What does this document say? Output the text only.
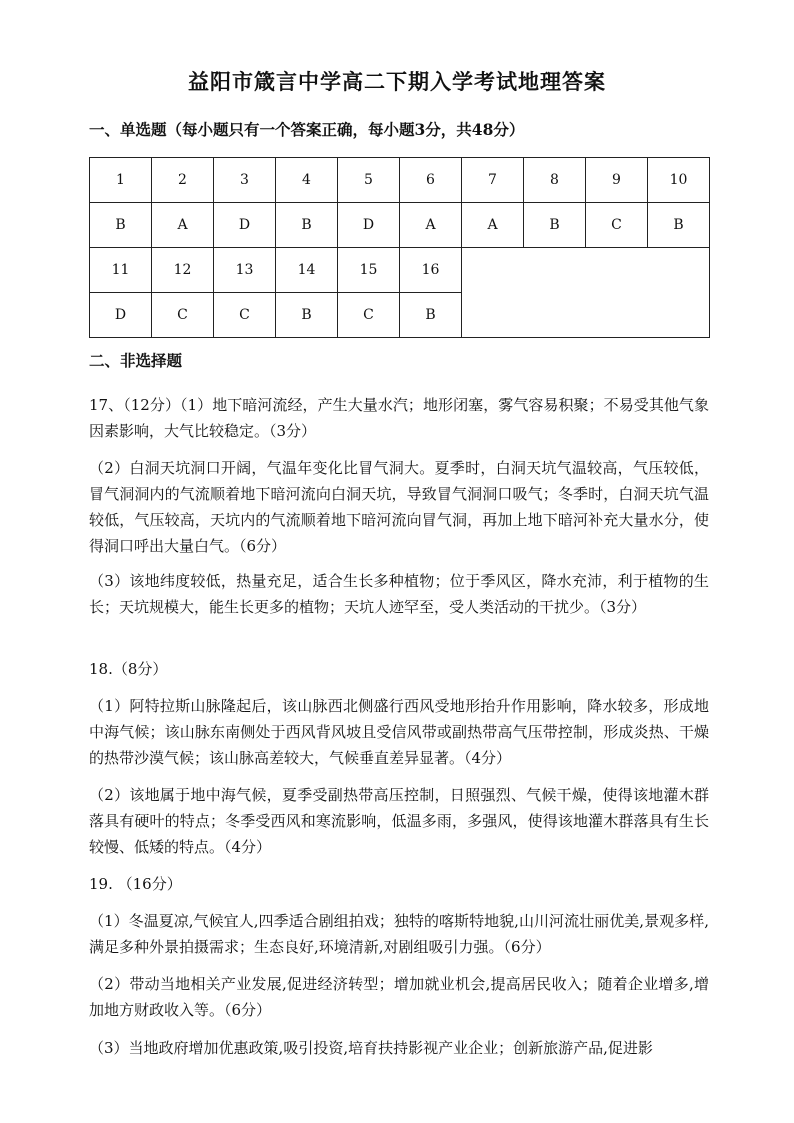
益阳市箴言中学高二下期入学考试地理答案
一、单选题（每小题只有一个答案正确，每小题3分，共48分）
1	2	3	4	5	6	7	8	9	10
B	A	D	B	D	A	A	B	C	B
11	12	13	14	15	16				
D	C	C	B	C	B				
二、非选择题
17、（12分）（1）地下暗河流经，产生大量水汽；地形闭塞，雾气容易积聚；不易受其他气象因素影响，大气比较稳定。（3分）
（2）白洞天坑洞口开阔，气温年变化比冒气洞大。夏季时，白洞天坑气温较高，气压较低，冒气洞洞内的气流顺着地下暗河流向白洞天坑，导致冒气洞洞口吸气；冬季时，白洞天坑气温较低，气压较高，天坑内的气流顺着地下暗河流向冒气洞，再加上地下暗河补充大量水分，使得洞口呼出大量白气。（6分）
（3）该地纬度较低，热量充足，适合生长多种植物；位于季风区，降水充沛，利于植物的生长；天坑规模大，能生长更多的植物；天坑人迹罕至，受人类活动的干扰少。（3分）
18.（8分）
（1）阿特拉斯山脉隆起后，该山脉西北侧盛行西风受地形抬升作用影响，降水较多，形成地中海气候；该山脉东南侧处于西风背风坡且受信风带或副热带高气压带控制，形成炎热、干燥的热带沙漠气候；该山脉高差较大，气候垂直差异显著。（4分）
（2）该地属于地中海气候，夏季受副热带高压控制，日照强烈、气候干燥，使得该地灌木群落具有硬叶的特点；冬季受西风和寒流影响，低温多雨，多强风，使得该地灌木群落具有生长较慢、低矮的特点。（4分）
19. （16分）
（1）冬温夏凉,气候宜人,四季适合剧组拍戏；独特的喀斯特地貌,山川河流壮丽优美,景观多样,满足多种外景拍摄需求；生态良好,环境清新,对剧组吸引力强。（6分）
（2）带动当地相关产业发展,促进经济转型；增加就业机会,提高居民收入；随着企业增多,增加地方财政收入等。（6分）
（3）当地政府增加优惠政策,吸引投资,培育扶持影视产业企业；创新旅游产品,促进影
